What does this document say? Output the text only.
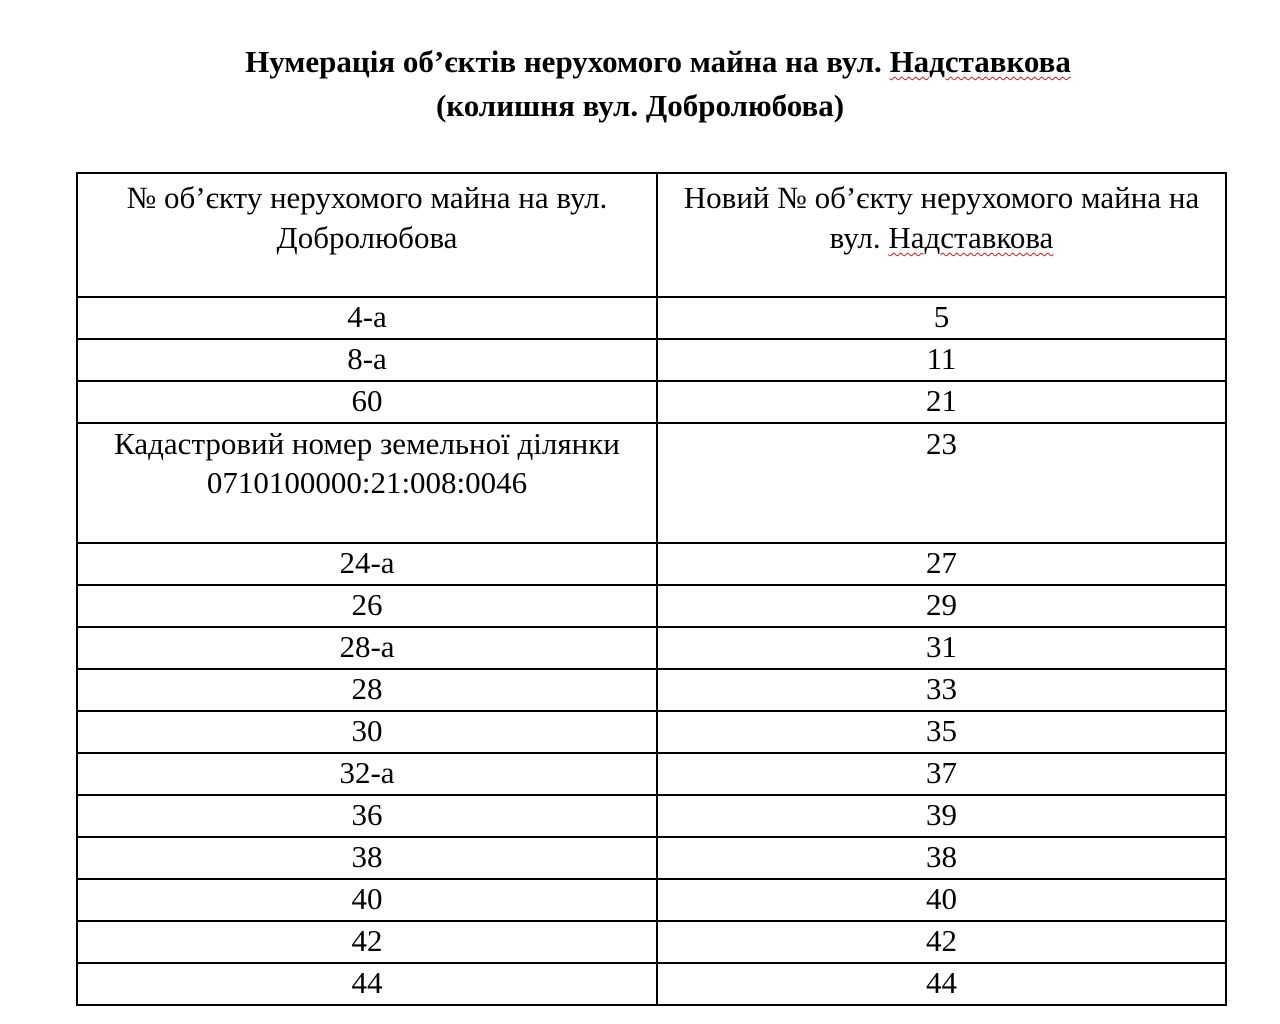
Нумерація об’єктів нерухомого майна на вул. Надставкова
(колишня вул. Добролюбова)
№ об’єкту нерухомого майна на вул. Добролюбова	Новий № об’єкту нерухомого майна на вул. Надставкова
4-а	5
8-а	11
60	21
Кадастровий номер земельної ділянки 0710100000:21:008:0046	23
24-а	27
26	29
28-а	31
28	33
30	35
32-а	37
36	39
38	38
40	40
42	42
44	44
